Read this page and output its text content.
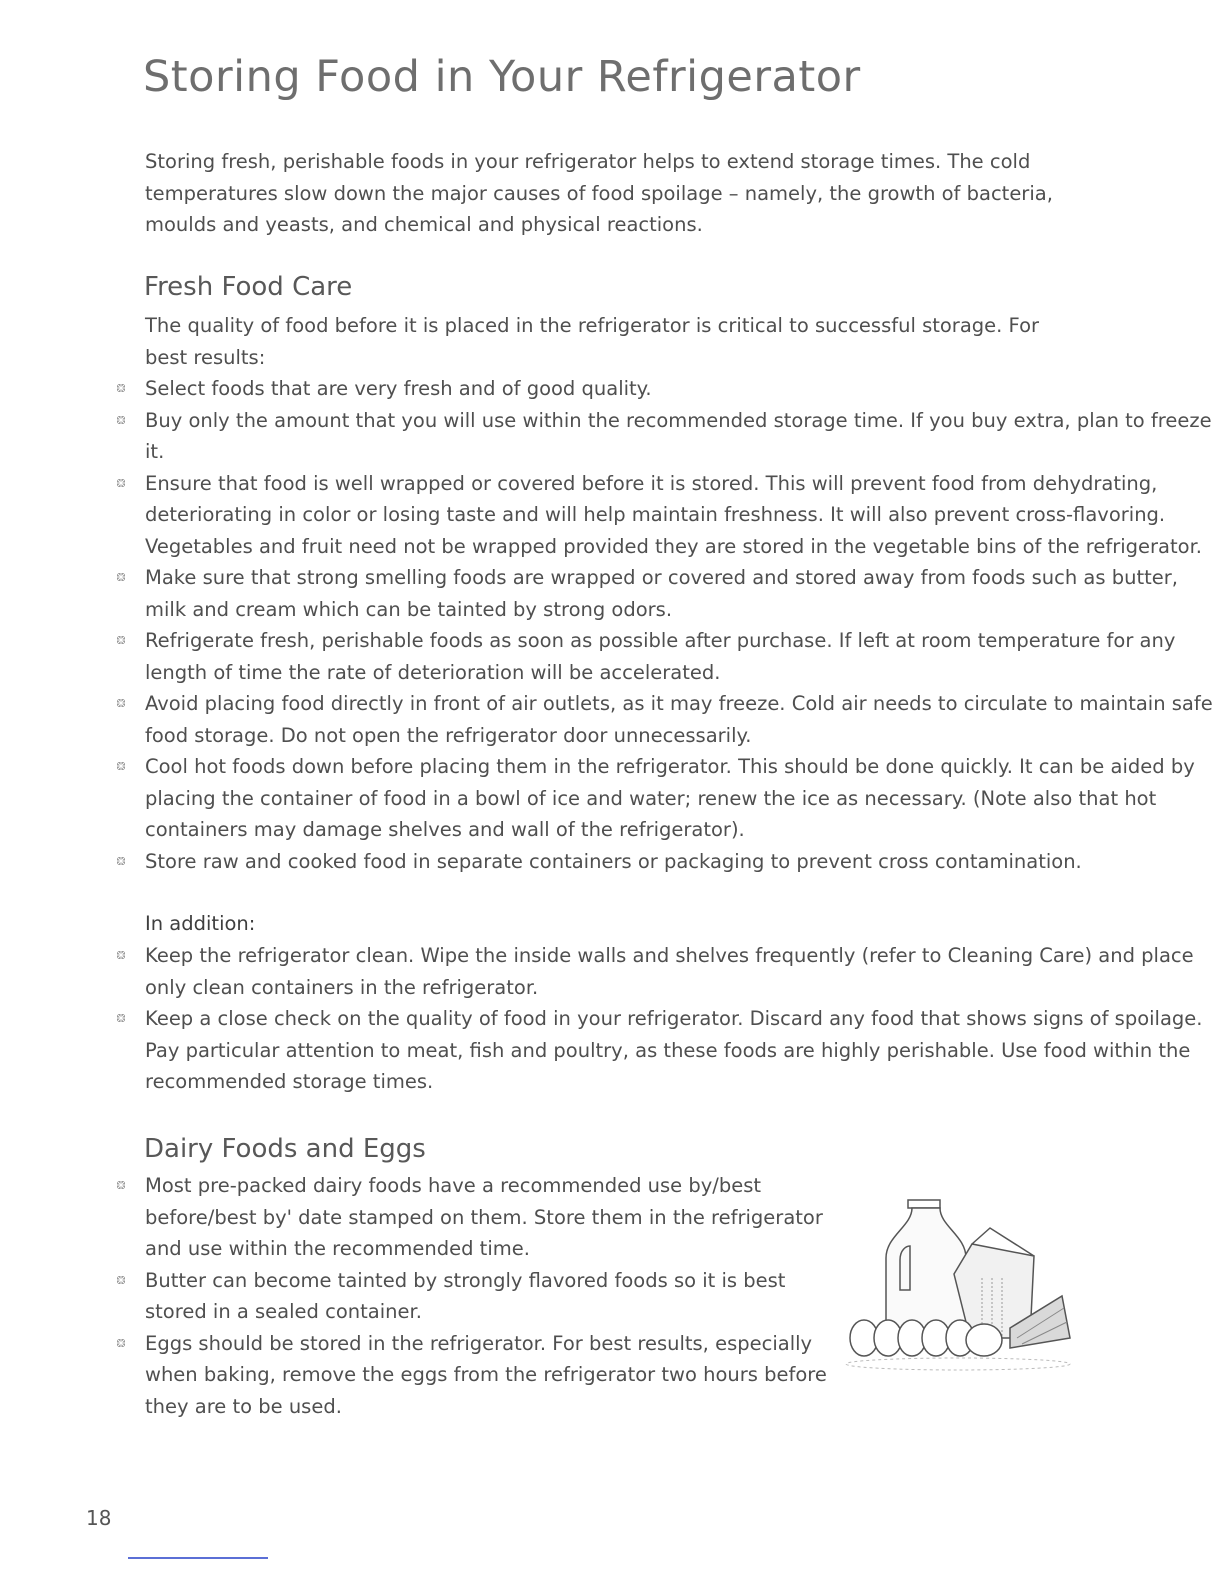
Storing Food in Your Refrigerator

Storing fresh, perishable foods in your refrigerator helps to extend storage times. The cold temperatures slow down the major causes of food spoilage – namely, the growth of bacteria, moulds and yeasts, and chemical and physical reactions.

Fresh Food Care

The quality of food before it is placed in the refrigerator is critical to successful storage. For best results:

Select foods that are very fresh and of good quality.
Buy only the amount that you will use within the recommended storage time. If you buy extra, plan to freeze it.
Ensure that food is well wrapped or covered before it is stored. This will prevent food from dehydrating, deteriorating in color or losing taste and will help maintain freshness. It will also prevent cross-flavoring. Vegetables and fruit need not be wrapped provided they are stored in the vegetable bins of the refrigerator.
Make sure that strong smelling foods are wrapped or covered and stored away from foods such as butter, milk and cream which can be tainted by strong odors.
Refrigerate fresh, perishable foods as soon as possible after purchase. If left at room temperature for any length of time the rate of deterioration will be accelerated.
Avoid placing food directly in front of air outlets, as it may freeze. Cold air needs to circulate to maintain safe food storage. Do not open the refrigerator door unnecessarily.
Cool hot foods down before placing them in the refrigerator. This should be done quickly. It can be aided by placing the container of food in a bowl of ice and water; renew the ice as necessary. (Note also that hot containers may damage shelves and wall of the refrigerator).
Store raw and cooked food in separate containers or packaging to prevent cross contamination.
In addition:
Keep the refrigerator clean. Wipe the inside walls and shelves frequently (refer to Cleaning Care) and place only clean containers in the refrigerator.
Keep a close check on the quality of food in your refrigerator. Discard any food that shows signs of spoilage. Pay particular attention to meat, fish and poultry, as these foods are highly perishable. Use food within the recommended storage times.
Dairy Foods and Eggs
Most pre-packed dairy foods have a recommended use by/best before/best by' date stamped on them. Store them in the refrigerator and use within the recommended time.
Butter can become tainted by strongly flavored foods so it is best stored in a sealed container.
Eggs should be stored in the refrigerator. For best results, especially when baking, remove the eggs from the refrigerator two hours before they are to be used.
18
